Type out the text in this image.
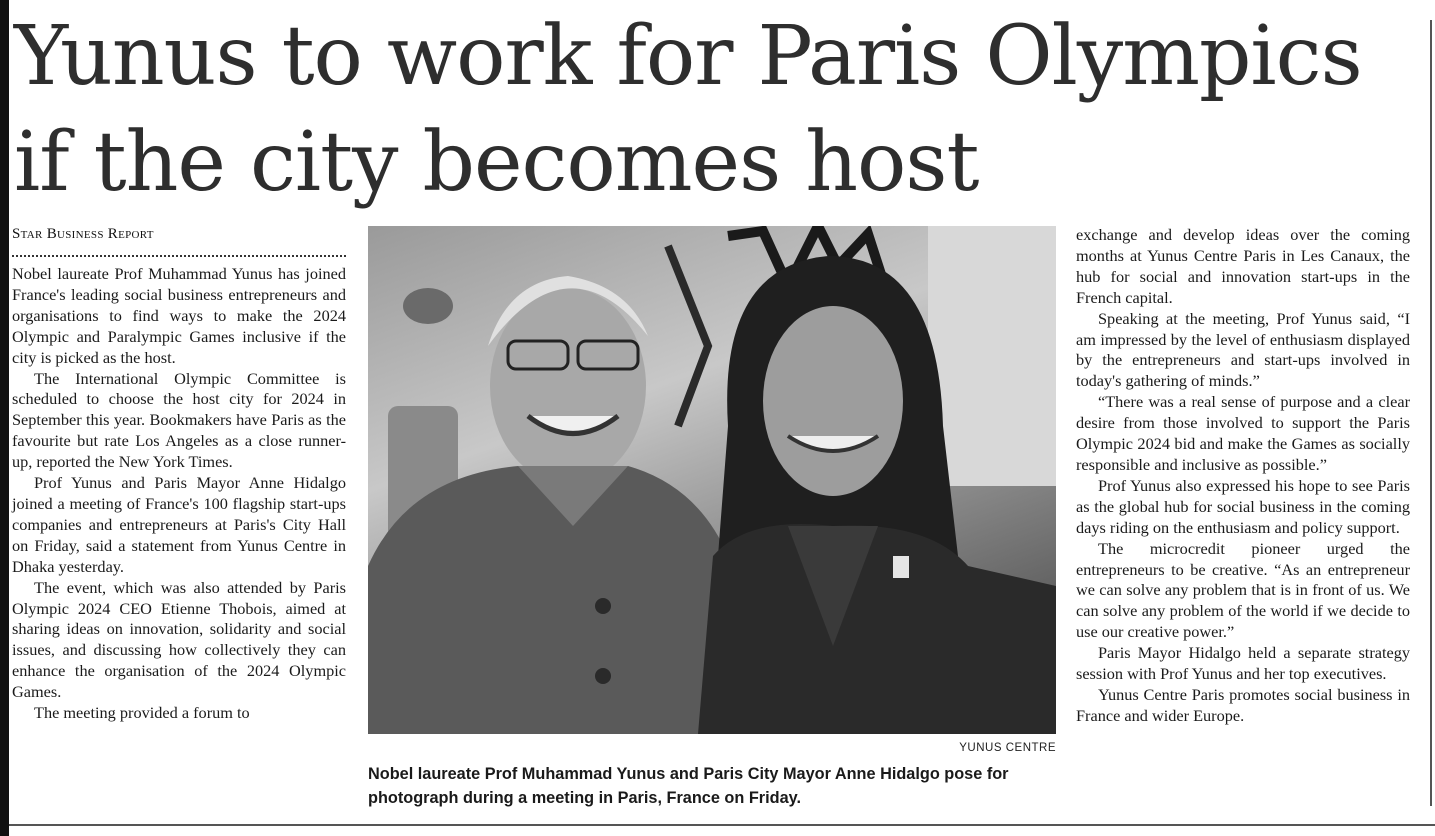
Yunus to work for Paris Olympics
if the city becomes host
Star Business Report

Nobel laureate Prof Muhammad Yunus has joined France's leading social business entrepreneurs and organisations to find ways to make the 2024 Olympic and Paralympic Games inclusive if the city is picked as the host.

The International Olympic Committee is scheduled to choose the host city for 2024 in September this year. Bookmakers have Paris as the favourite but rate Los Angeles as a close runner-up, reported the New York Times.

Prof Yunus and Paris Mayor Anne Hidalgo joined a meeting of France's 100 flagship start-ups companies and entrepreneurs at Paris's City Hall on Friday, said a statement from Yunus Centre in Dhaka yesterday.

The event, which was also attended by Paris Olympic 2024 CEO Etienne Thobois, aimed at sharing ideas on innovation, solidarity and social issues, and discussing how collectively they can enhance the organisation of the 2024 Olympic Games.

The meeting provided a forum to

YUNUS CENTRE
Nobel laureate Prof Muhammad Yunus and Paris City Mayor Anne Hidalgo pose for photograph during a meeting in Paris, France on Friday.

exchange and develop ideas over the coming months at Yunus Centre Paris in Les Canaux, the hub for social and innovation start-ups in the French capital.

Speaking at the meeting, Prof Yunus said, “I am impressed by the level of enthusiasm displayed by the entrepreneurs and start-ups involved in today's gathering of minds.”

“There was a real sense of purpose and a clear desire from those involved to support the Paris Olympic 2024 bid and make the Games as socially responsible and inclusive as possible.”

Prof Yunus also expressed his hope to see Paris as the global hub for social business in the coming days riding on the enthusiasm and policy support.

The microcredit pioneer urged the entrepreneurs to be creative. “As an entrepreneur we can solve any problem that is in front of us. We can solve any problem of the world if we decide to use our creative power.”

Paris Mayor Hidalgo held a separate strategy session with Prof Yunus and her top executives.

Yunus Centre Paris promotes social business in France and wider Europe.
